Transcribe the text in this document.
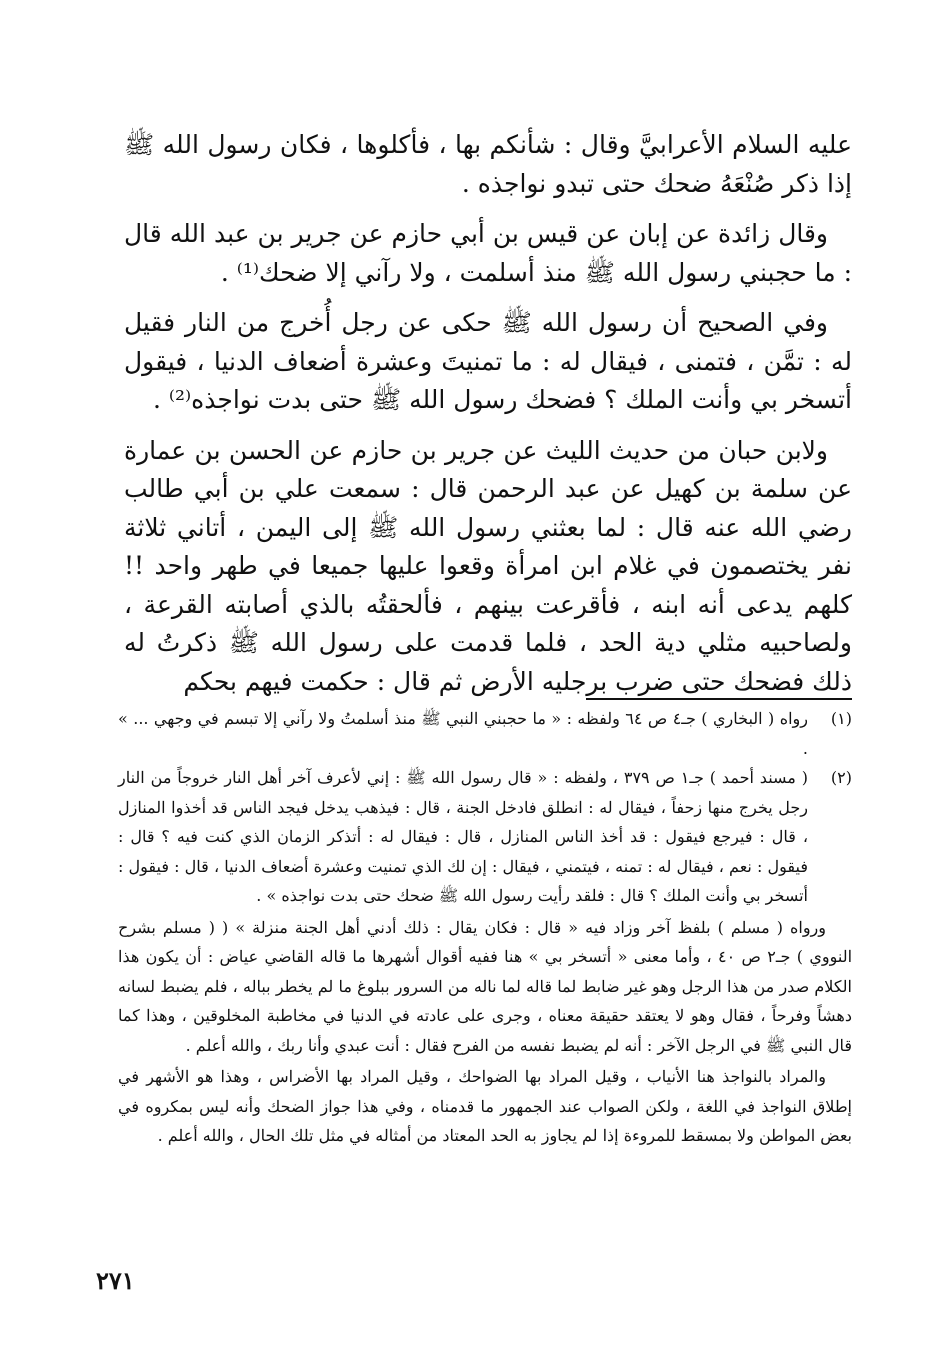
عليه السلام الأعرابيَّ وقال : شأنكم بها ، فأكلوها ، فكان رسول الله ﷺ إذا ذكر صُنْعَهُ ضحك حتى تبدو نواجذه .

وقال زائدة عن إبان عن قيس بن أبي حازم عن جرير بن عبد الله قال : ما حجبني رسول الله ﷺ منذ أسلمت ، ولا رآني إلا ضحك⁽¹⁾ .

وفي الصحيح أن رسول الله ﷺ حكى عن رجل أُخرج من النار فقيل له : تمَّن ، فتمنى ، فيقال له : ما تمنيتَ وعشرة أضعاف الدنيا ، فيقول أتسخر بي وأنت الملك ؟ فضحك رسول الله ﷺ حتى بدت نواجذه⁽²⁾ .

ولابن حبان من حديث الليث عن جرير بن حازم عن الحسن بن عمارة عن سلمة بن كهيل عن عبد الرحمن قال : سمعت علي بن أبي طالب رضي الله عنه قال : لما بعثني رسول الله ﷺ إلى اليمن ، أتاني ثلاثة نفر يختصمون في غلام ابن امرأة وقعوا عليها جميعا في طهر واحد !! كلهم يدعى أنه ابنه ، فأقرعت بينهم ، فألحقتُه بالذي أصابته القرعة ، ولصاحبيه مثلي دية الحد ، فلما قدمت على رسول الله ﷺ ذكرتُ له ذلك فضحك حتى ضرب برجليه الأرض ثم قال : حكمت فيهم بحكم

(١)
رواه ( البخاري ) جـ٤ ص ٦٤ ولفظه : « ما حجبني النبي ﷺ منذ أسلمتُ ولا رآني إلا تبسم في وجهي ... » .
(٢)
( مسند أحمد ) جـ١ ص ٣٧٩ ، ولفظه : « قال رسول الله ﷺ : إني لأعرف آخر أهل النار خروجاً من النار رجل يخرج منها زحفاً ، فيقال له : انطلق فادخل الجنة ، قال : فيذهب يدخل فيجد الناس قد أخذوا المنازل ، قال : فيرجع فيقول : قد أخذ الناس المنازل ، قال : فيقال له : أتذكر الزمان الذي كنت فيه ؟ قال : فيقول : نعم ، فيقال له : تمنه ، فيتمني ، فيقال : إن لك الذي تمنيت وعشرة أضعاف الدنيا ، قال : فيقول : أتسخر بي وأنت الملك ؟ قال : فلقد رأيت رسول الله ﷺ ضحك حتى بدت نواجذه » .

ورواه ( مسلم ) بلفظ آخر وزاد فيه « قال : فكان يقال : ذلك أدني أهل الجنة منزلة » ( ( مسلم بشرح النووي ) جـ٢ ص ٤٠ ، وأما معنى « أتسخر بي » هنا ففيه أقوال أشهرها ما قاله القاضي عياض : أن يكون هذا الكلام صدر من هذا الرجل وهو غير ضابط لما قاله لما ناله من السرور ببلوغ ما لم يخطر بباله ، فلم يضبط لسانه دهشاً وفرحاً ، فقال وهو لا يعتقد حقيقة معناه ، وجرى على عادته في الدنيا في مخاطبة المخلوقين ، وهذا كما قال النبي ﷺ في الرجل الآخر : أنه لم يضبط نفسه من الفرح فقال : أنت عبدي وأنا ربك ، والله أعلم .

والمراد بالنواجذ هنا الأنياب ، وقيل المراد بها الضواحك ، وقيل المراد بها الأضراس ، وهذا هو الأشهر في إطلاق النواجذ في اللغة ، ولكن الصواب عند الجمهور ما قدمناه ، وفي هذا جواز الضحك وأنه ليس بمكروه في بعض المواطن ولا بمسقط للمروءة إذا لم يجاوز به الحد المعتاد من أمثاله في مثل تلك الحال ، والله أعلم .

٢٧١
